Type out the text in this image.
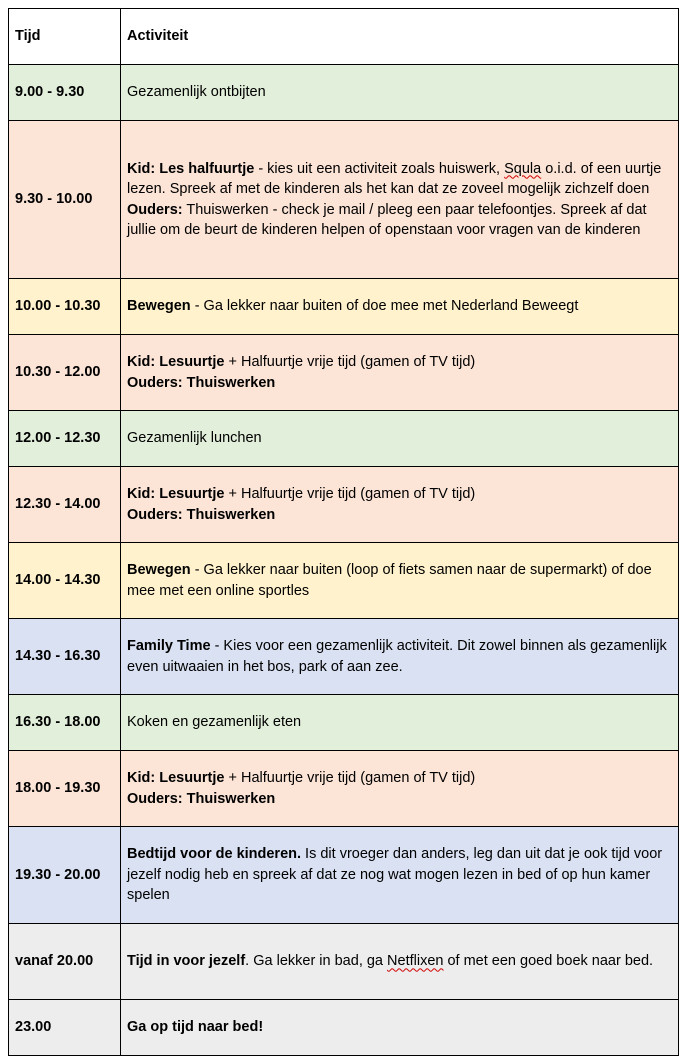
Tijd	Activiteit
9.00 - 9.30	Gezamenlijk ontbijten
9.30 - 10.00	Kid: Les halfuurtje - kies uit een activiteit zoals huiswerk, Squla o.i.d. of een uurtje lezen. Spreek af met de kinderen als het kan dat ze zoveel mogelijk zichzelf doen
Ouders: Thuiswerken - check je mail / pleeg een paar telefoontjes. Spreek af dat jullie om de beurt de kinderen helpen of openstaan voor vragen van de kinderen
10.00 - 10.30	Bewegen - Ga lekker naar buiten of doe mee met Nederland Beweegt
10.30 - 12.00	Kid: Lesuurtje + Halfuurtje vrije tijd (gamen of TV tijd)
Ouders: Thuiswerken
12.00 - 12.30	Gezamenlijk lunchen
12.30 - 14.00	Kid: Lesuurtje + Halfuurtje vrije tijd (gamen of TV tijd)
Ouders: Thuiswerken
14.00 - 14.30	Bewegen - Ga lekker naar buiten (loop of fiets samen naar de supermarkt) of doe mee met een online sportles
14.30 - 16.30	Family Time - Kies voor een gezamenlijk activiteit. Dit zowel binnen als gezamenlijk even uitwaaien in het bos, park of aan zee.
16.30 - 18.00	Koken en gezamenlijk eten
18.00 - 19.30	Kid: Lesuurtje + Halfuurtje vrije tijd (gamen of TV tijd)
Ouders: Thuiswerken
19.30 - 20.00	Bedtijd voor de kinderen. Is dit vroeger dan anders, leg dan uit dat je ook tijd voor jezelf nodig heb en spreek af dat ze nog wat mogen lezen in bed of op hun kamer spelen
vanaf 20.00	Tijd in voor jezelf. Ga lekker in bad, ga Netflixen of met een goed boek naar bed.
23.00	Ga op tijd naar bed!
